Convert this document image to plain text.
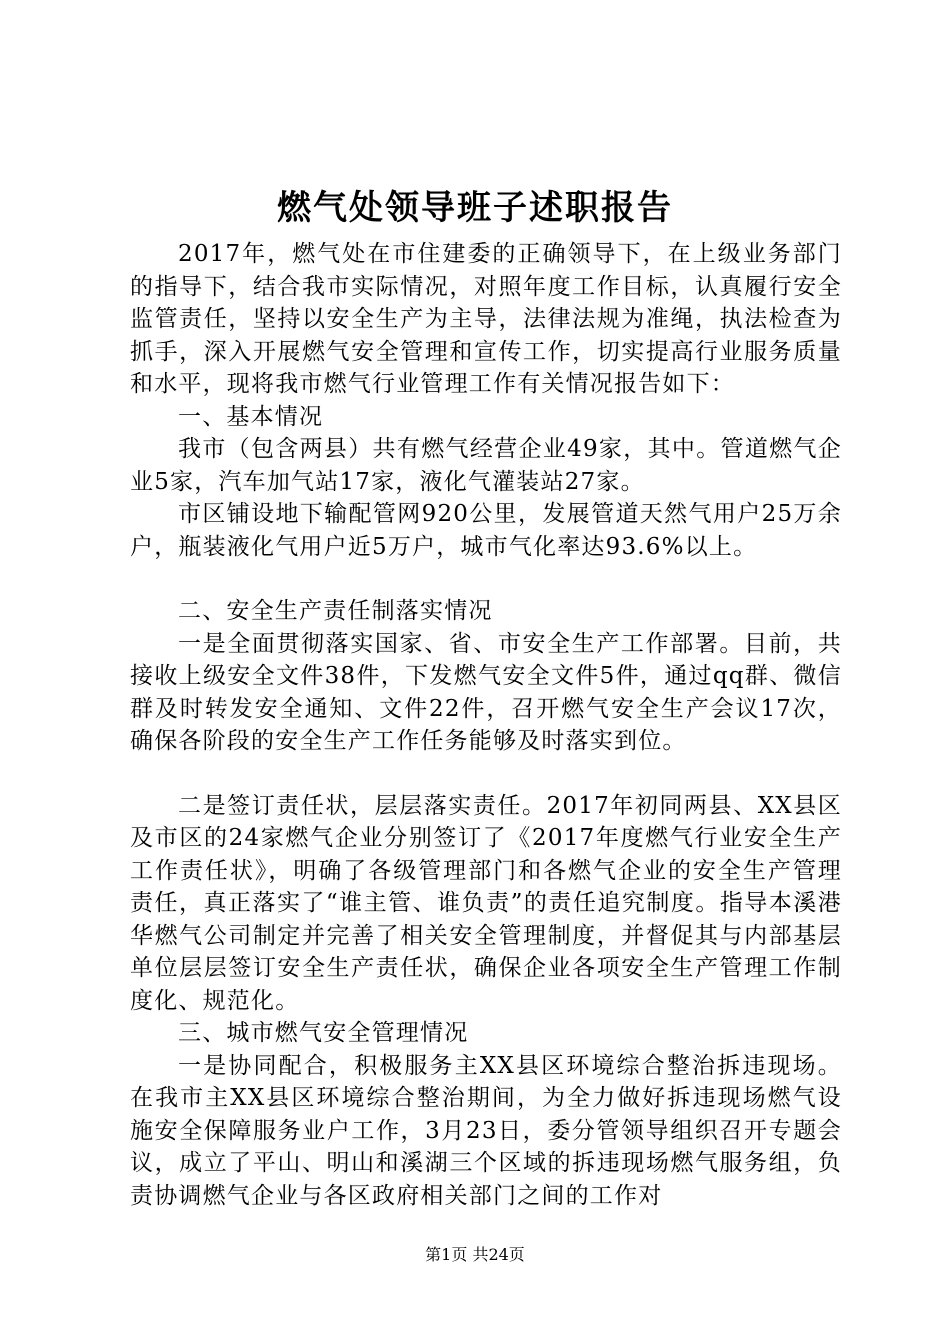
燃气处领导班子述职报告

2017年，燃气处在市住建委的正确领导下，在上级业务部门的指导下，结合我市实际情况，对照年度工作目标，认真履行安全监管责任，坚持以安全生产为主导，法律法规为准绳，执法检查为抓手，深入开展燃气安全管理和宣传工作，切实提高行业服务质量和水平，现将我市燃气行业管理工作有关情况报告如下：

一、基本情况

我市（包含两县）共有燃气经营企业49家，其中。管道燃气企业5家，汽车加气站17家，液化气灌装站27家。

市区铺设地下输配管网920公里，发展管道天然气用户25万余户，瓶装液化气用户近5万户，城市气化率达93.6%以上。

二、安全生产责任制落实情况

一是全面贯彻落实国家、省、市安全生产工作部署。目前，共接收上级安全文件38件，下发燃气安全文件5件，通过qq群、微信群及时转发安全通知、文件22件，召开燃气安全生产会议17次，确保各阶段的安全生产工作任务能够及时落实到位。

二是签订责任状，层层落实责任。2017年初同两县、XX县区及市区的24家燃气企业分别签订了《2017年度燃气行业安全生产工作责任状》，明确了各级管理部门和各燃气企业的安全生产管理责任，真正落实了“谁主管、谁负责”的责任追究制度。指导本溪港华燃气公司制定并完善了相关安全管理制度，并督促其与内部基层单位层层签订安全生产责任状，确保企业各项安全生产管理工作制度化、规范化。

三、城市燃气安全管理情况

一是协同配合，积极服务主XX县区环境综合整治拆违现场。在我市主XX县区环境综合整治期间，为全力做好拆违现场燃气设施安全保障服务业户工作，3月23日，委分管领导组织召开专题会议，成立了平山、明山和溪湖三个区域的拆违现场燃气服务组，负责协调燃气企业与各区政府相关部门之间的工作对

第1页 共24页
